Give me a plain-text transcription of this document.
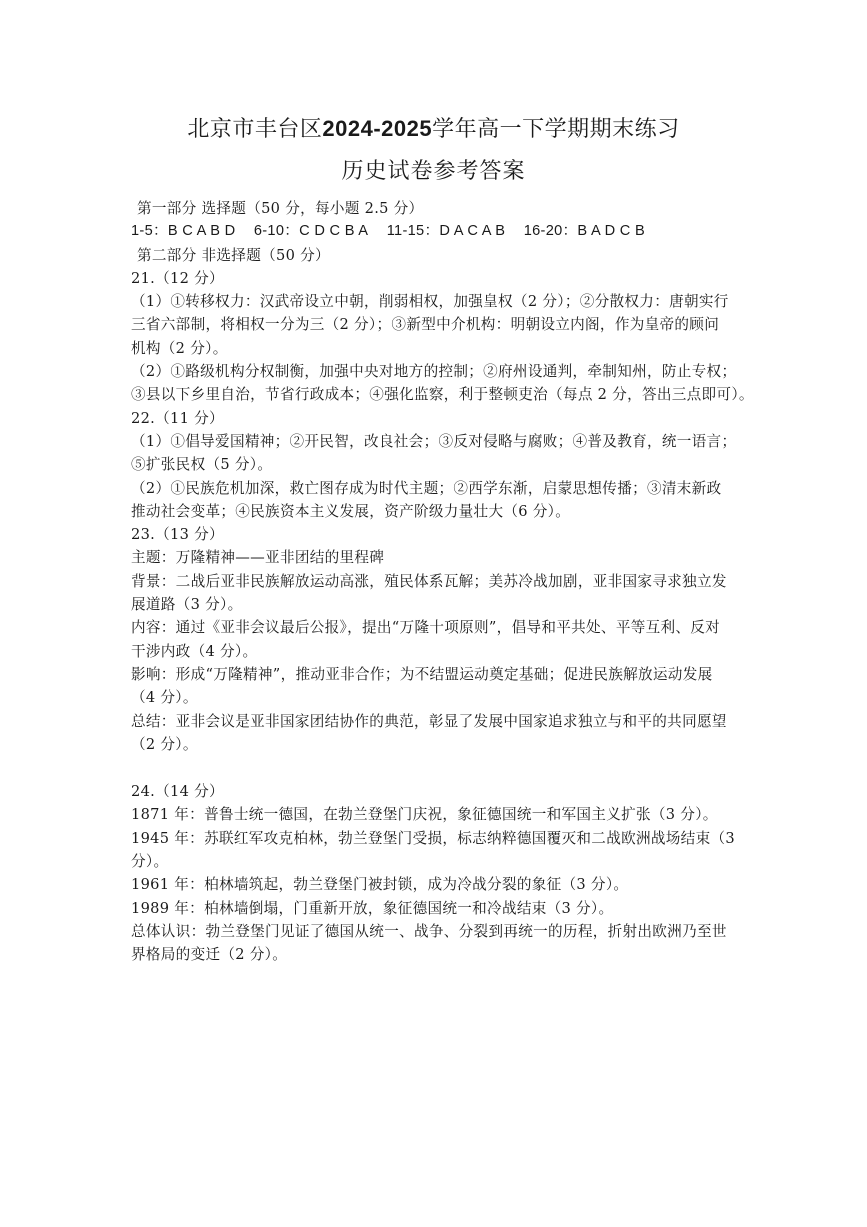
北京市丰台区2024-2025学年高一下学期期末练习
历史试卷参考答案
第一部分 选择题（50 分，每小题 2.5 分）
1-5：B C A B D 6-10：C D C B A 11-15：D A C A B 16-20：B A D C B
第二部分 非选择题（50 分）
21.（12 分）
（1）①转移权力：汉武帝设立中朝，削弱相权，加强皇权（2 分）；②分散权力：唐朝实行
三省六部制，将相权一分为三（2 分）；③新型中介机构：明朝设立内阁，作为皇帝的顾问
机构（2 分）。
（2）①路级机构分权制衡，加强中央对地方的控制；②府州设通判，牵制知州，防止专权；
③县以下乡里自治，节省行政成本；④强化监察，利于整顿吏治（每点 2 分，答出三点即可）。
22.（11 分）
（1）①倡导爱国精神；②开民智，改良社会；③反对侵略与腐败；④普及教育，统一语言；
⑤扩张民权（5 分）。
（2）①民族危机加深，救亡图存成为时代主题；②西学东渐，启蒙思想传播；③清末新政
推动社会变革；④民族资本主义发展，资产阶级力量壮大（6 分）。
23.（13 分）
主题：万隆精神——亚非团结的里程碑
背景：二战后亚非民族解放运动高涨，殖民体系瓦解；美苏冷战加剧，亚非国家寻求独立发
展道路（3 分）。
内容：通过《亚非会议最后公报》，提出“万隆十项原则”，倡导和平共处、平等互利、反对
干涉内政（4 分）。
影响：形成“万隆精神”，推动亚非合作；为不结盟运动奠定基础；促进民族解放运动发展
（4 分）。
总结：亚非会议是亚非国家团结协作的典范，彰显了发展中国家追求独立与和平的共同愿望
（2 分）。
24.（14 分）
1871 年：普鲁士统一德国，在勃兰登堡门庆祝，象征德国统一和军国主义扩张（3 分）。
1945 年：苏联红军攻克柏林，勃兰登堡门受损，标志纳粹德国覆灭和二战欧洲战场结束（3
分）。
1961 年：柏林墙筑起，勃兰登堡门被封锁，成为冷战分裂的象征（3 分）。
1989 年：柏林墙倒塌，门重新开放，象征德国统一和冷战结束（3 分）。
总体认识：勃兰登堡门见证了德国从统一、战争、分裂到再统一的历程，折射出欧洲乃至世
界格局的变迁（2 分）。
